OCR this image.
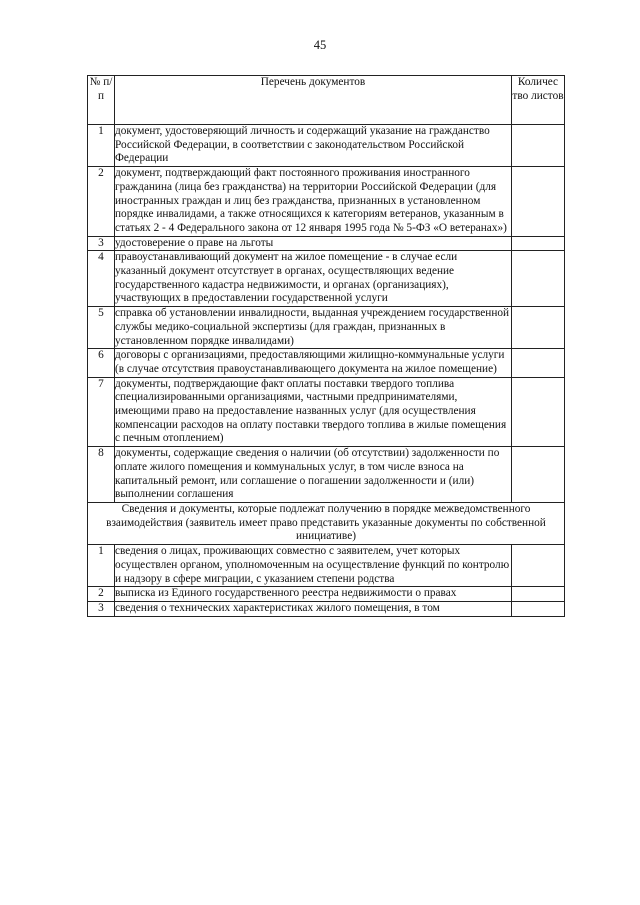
45
№ п/п	Перечень документов	Количес тво листов
1	документ, удостоверяющий личность и содержащий указание на гражданство Российской Федерации, в соответствии с законодательством Российской Федерации	
2	документ, подтверждающий факт постоянного проживания иностранного гражданина (лица без гражданства) на территории Российской Федерации (для иностранных граждан и лиц без гражданства, признанных в установленном порядке инвалидами, а также относящихся к категориям ветеранов, указанным в статьях 2 - 4 Федерального закона от 12 января 1995 года № 5-ФЗ «О ветеранах»)	
3	удостоверение о праве на льготы	
4	правоустанавливающий документ на жилое помещение - в случае если указанный документ отсутствует в органах, осуществляющих ведение государственного кадастра недвижимости, и органах (организациях), участвующих в предоставлении государственной услуги	
5	справка об установлении инвалидности, выданная учреждением государственной службы медико-социальной экспертизы (для граждан, признанных в установленном порядке инвалидами)	
6	договоры с организациями, предоставляющими жилищно-коммунальные услуги (в случае отсутствия правоустанавливающего документа на жилое помещение)	
7	документы, подтверждающие факт оплаты поставки твердого топлива специализированными организациями, частными предпринимателями, имеющими право на предоставление названных услуг (для осуществления компенсации расходов на оплату поставки твердого топлива в жилые помещения с печным отоплением)	
8	документы, содержащие сведения о наличии (об отсутствии) задолженности по оплате жилого помещения и коммунальных услуг, в том числе взноса на капитальный ремонт, или соглашение о погашении задолженности и (или) выполнении соглашения	
Сведения и документы, которые подлежат получению в порядке межведомственного взаимодействия (заявитель имеет право представить указанные документы по собственной инициативе)		
1	сведения о лицах, проживающих совместно с заявителем, учет которых осуществлен органом, уполномоченным на осуществление функций по контролю и надзору в сфере миграции, с указанием степени родства	
2	выписка из Единого государственного реестра недвижимости о правах	
3	сведения о технических характеристиках жилого помещения, в том	
